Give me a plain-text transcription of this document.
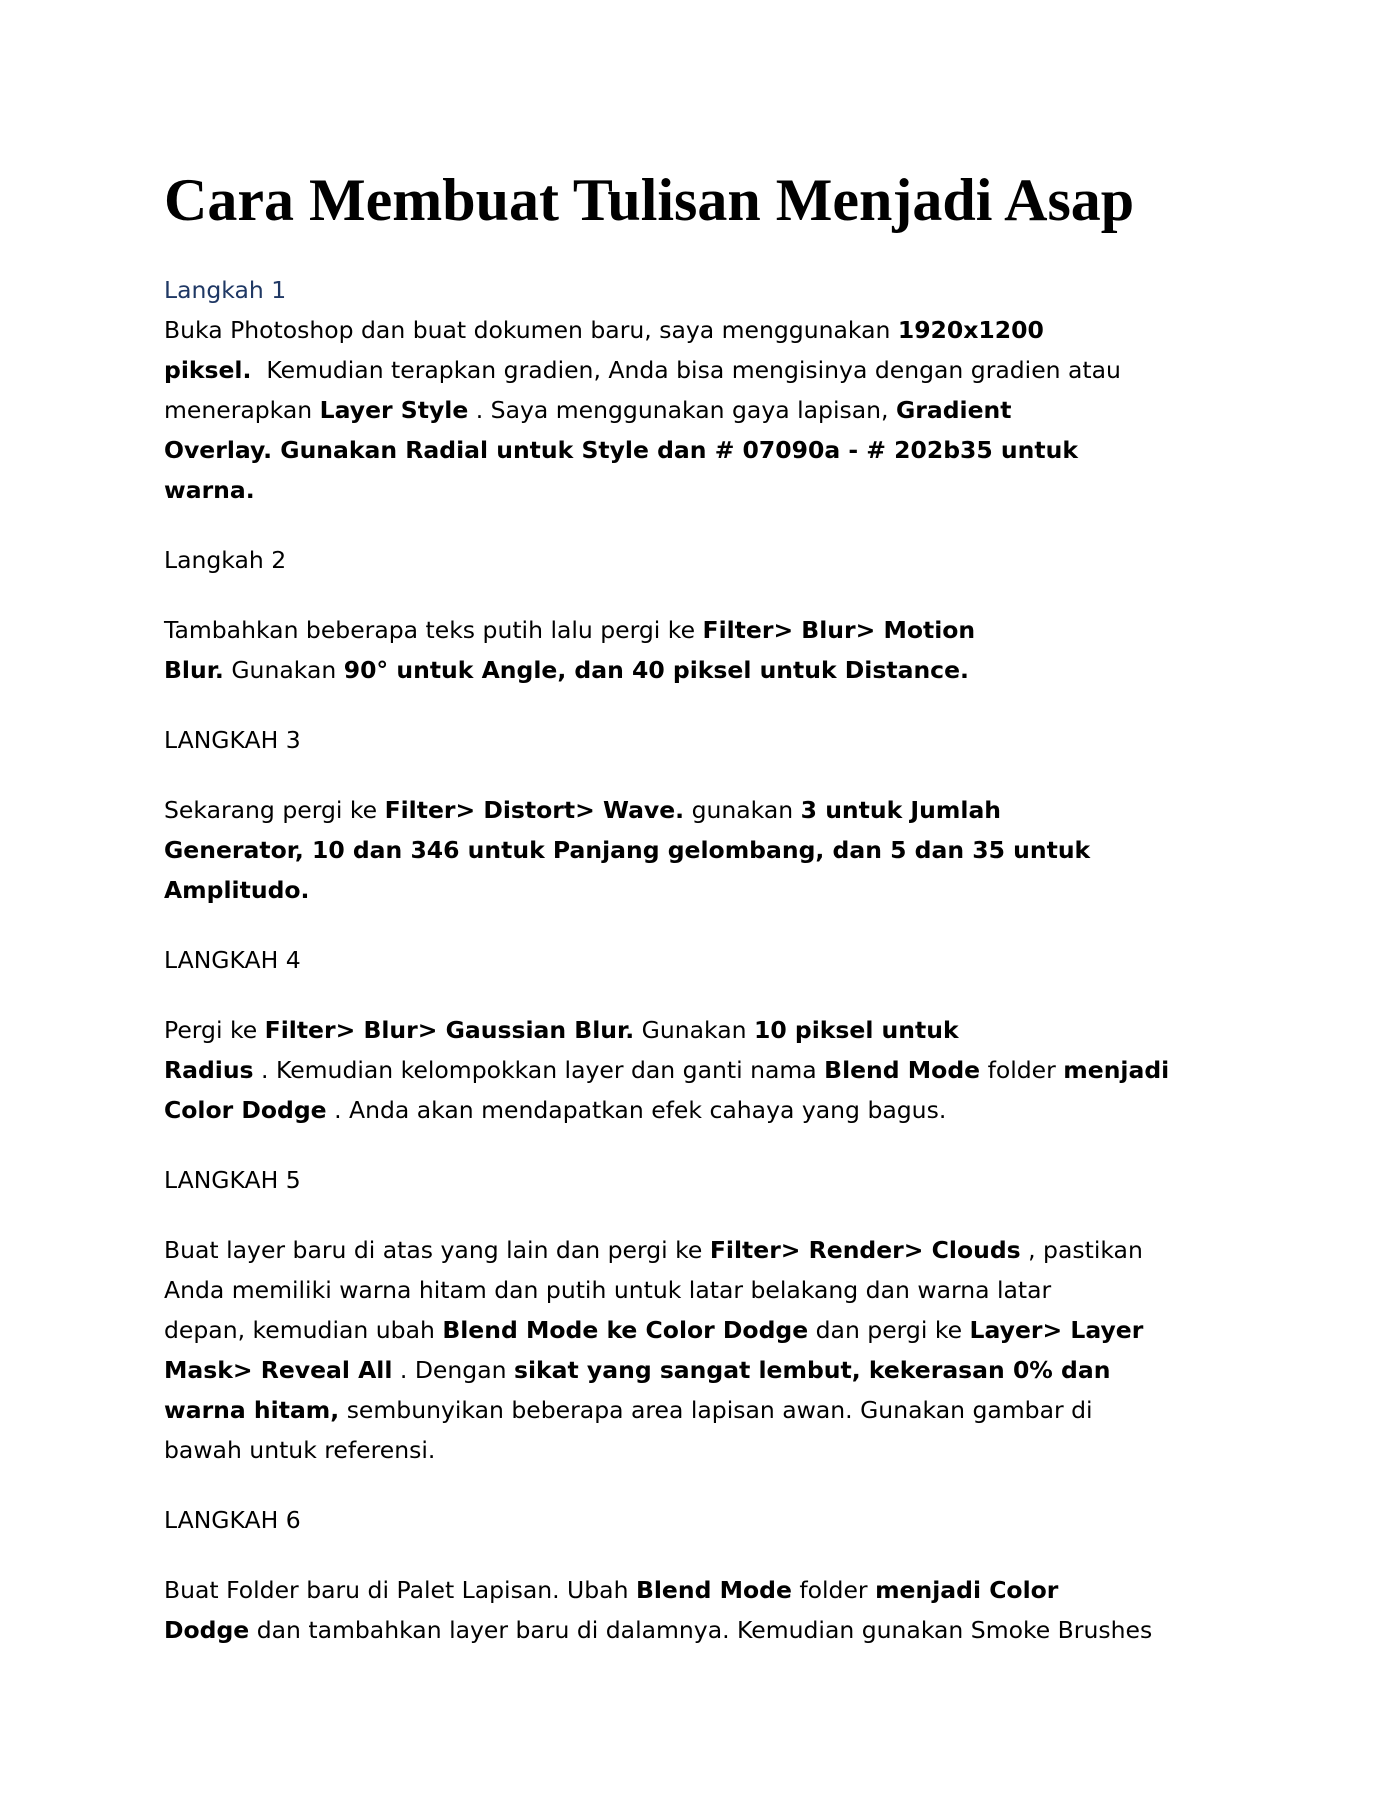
Cara Membuat Tulisan Menjadi Asap
Langkah 1
Buka Photoshop dan buat dokumen baru, saya menggunakan 1920x1200
piksel.  Kemudian terapkan gradien, Anda bisa mengisinya dengan gradien atau
menerapkan Layer Style . Saya menggunakan gaya lapisan, Gradient
Overlay. Gunakan Radial untuk Style dan # 07090a - # 202b35 untuk
warna.
Langkah 2
Tambahkan beberapa teks putih lalu pergi ke Filter> Blur> Motion
Blur. Gunakan 90° untuk Angle, dan 40 piksel untuk Distance.
LANGKAH 3
Sekarang pergi ke Filter> Distort> Wave. gunakan 3 untuk Jumlah
Generator, 10 dan 346 untuk Panjang gelombang, dan 5 dan 35 untuk
Amplitudo.
LANGKAH 4
Pergi ke Filter> Blur> Gaussian Blur. Gunakan 10 piksel untuk
Radius . Kemudian kelompokkan layer dan ganti nama Blend Mode folder menjadi
Color Dodge . Anda akan mendapatkan efek cahaya yang bagus.
LANGKAH 5
Buat layer baru di atas yang lain dan pergi ke Filter> Render> Clouds , pastikan
Anda memiliki warna hitam dan putih untuk latar belakang dan warna latar
depan, kemudian ubah Blend Mode ke Color Dodge dan pergi ke Layer> Layer
Mask> Reveal All . Dengan sikat yang sangat lembut, kekerasan 0% dan
warna hitam, sembunyikan beberapa area lapisan awan. Gunakan gambar di
bawah untuk referensi.
LANGKAH 6
Buat Folder baru di Palet Lapisan. Ubah Blend Mode folder menjadi Color
Dodge dan tambahkan layer baru di dalamnya. Kemudian gunakan Smoke Brushes
